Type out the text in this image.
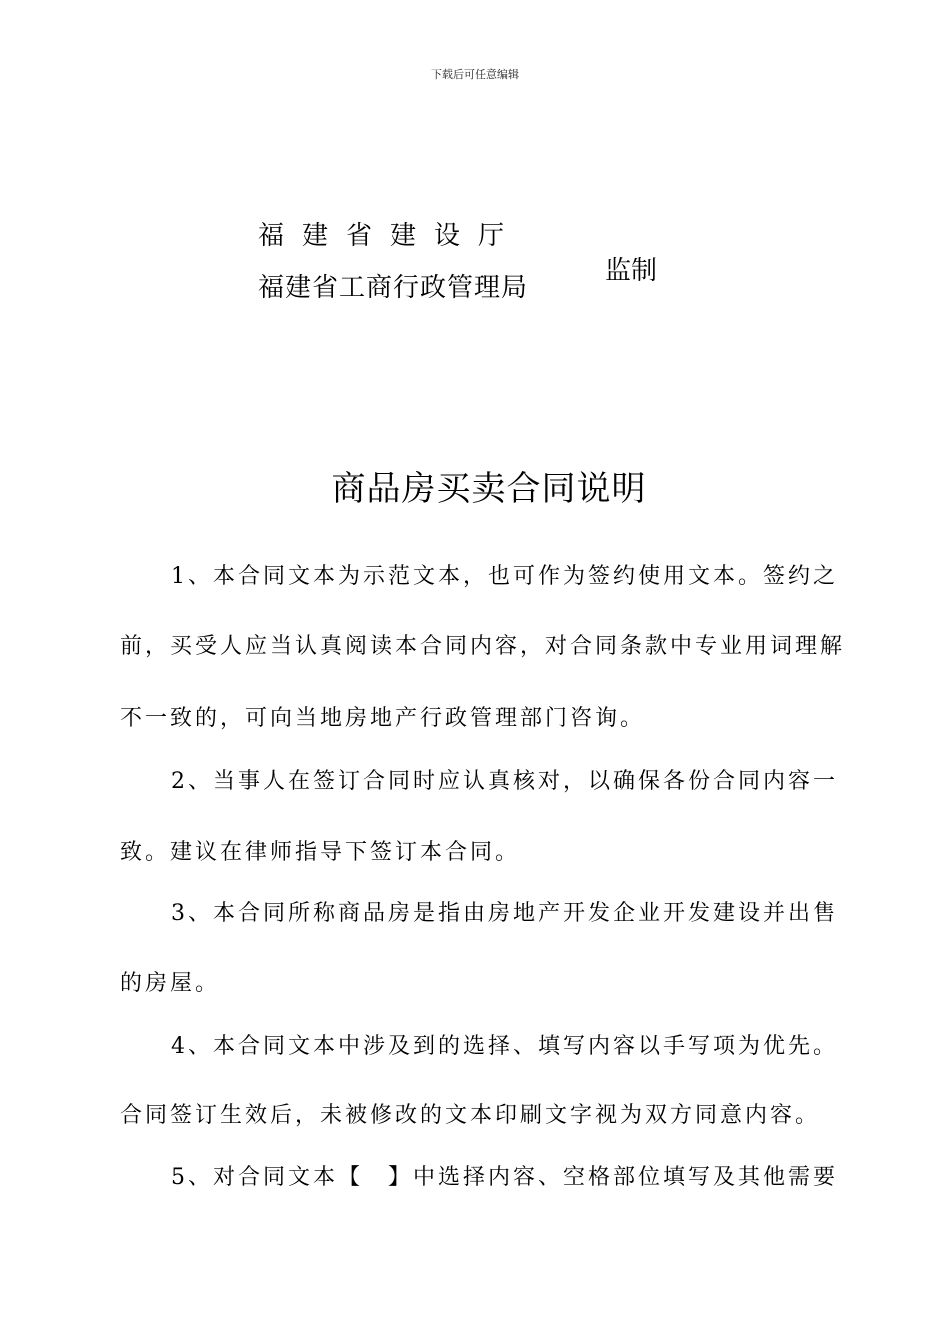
下载后可任意编辑
福建省建设厅
福建省工商行政管理局
监制
商品房买卖合同说明
1、本合同文本为示范文本，也可作为签约使用文本。签约之
前，买受人应当认真阅读本合同内容，对合同条款中专业用词理解
不一致的，可向当地房地产行政管理部门咨询。
2、当事人在签订合同时应认真核对，以确保各份合同内容一
致。建议在律师指导下签订本合同。
3、本合同所称商品房是指由房地产开发企业开发建设并出售
的房屋。
4、本合同文本中涉及到的选择、填写内容以手写项为优先。
合同签订生效后，未被修改的文本印刷文字视为双方同意内容。
5、对合同文本【　】中选择内容、空格部位填写及其他需要
